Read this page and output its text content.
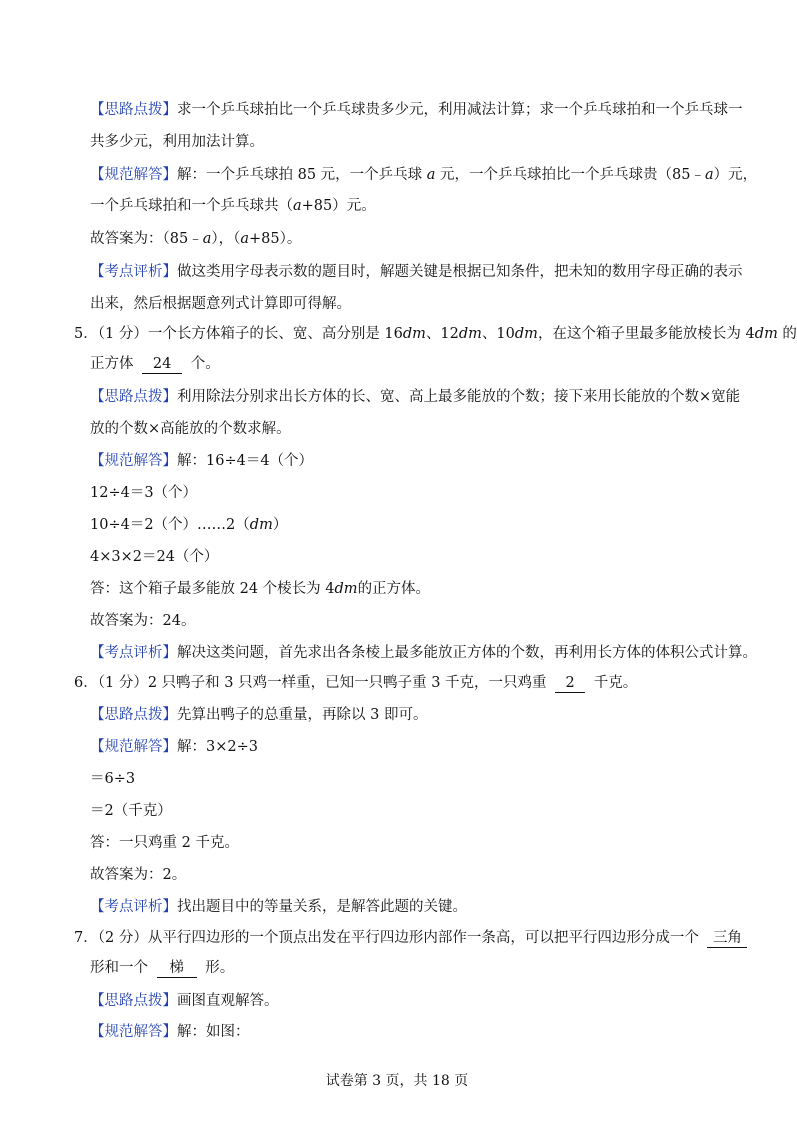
【思路点拨】求一个乒乓球拍比一个乒乓球贵多少元，利用减法计算；求一个乒乓球拍和一个乒乓球一
共多少元，利用加法计算。
【规范解答】解：一个乒乓球拍 85 元，一个乒乓球 a 元，一个乒乓球拍比一个乒乓球贵（85﹣a）元，
一个乒乓球拍和一个乒乓球共（a+85）元。
故答案为：（85﹣a），（a+85）。
【考点评析】做这类用字母表示数的题目时，解题关键是根据已知条件，把未知的数用字母正确的表示
出来，然后根据题意列式计算即可得解。
5．（1 分）一个长方体箱子的长、宽、高分别是 16dm、12dm、10dm，在这个箱子里最多能放棱长为 4dm 的
正方体 24 个。
【思路点拨】利用除法分别求出长方体的长、宽、高上最多能放的个数；接下来用长能放的个数×宽能
放的个数×高能放的个数求解。
【规范解答】解：16÷4＝4（个）
12÷4＝3（个）
10÷4＝2（个）……2（dm）
4×3×2＝24（个）
答：这个箱子最多能放 24 个棱长为 4dm的正方体。
故答案为：24。
【考点评析】解决这类问题，首先求出各条棱上最多能放正方体的个数，再利用长方体的体积公式计算。
6．（1 分）2 只鸭子和 3 只鸡一样重，已知一只鸭子重 3 千克，一只鸡重 2 千克。
【思路点拨】先算出鸭子的总重量，再除以 3 即可。
【规范解答】解：3×2÷3
＝6÷3
＝2（千克）
答：一只鸡重 2 千克。
故答案为：2。
【考点评析】找出题目中的等量关系，是解答此题的关键。
7．（2 分）从平行四边形的一个顶点出发在平行四边形内部作一条高，可以把平行四边形分成一个 三角
形和一个 梯 形。
【思路点拨】画图直观解答。
【规范解答】解：如图：
试卷第 3 页，共 18 页
